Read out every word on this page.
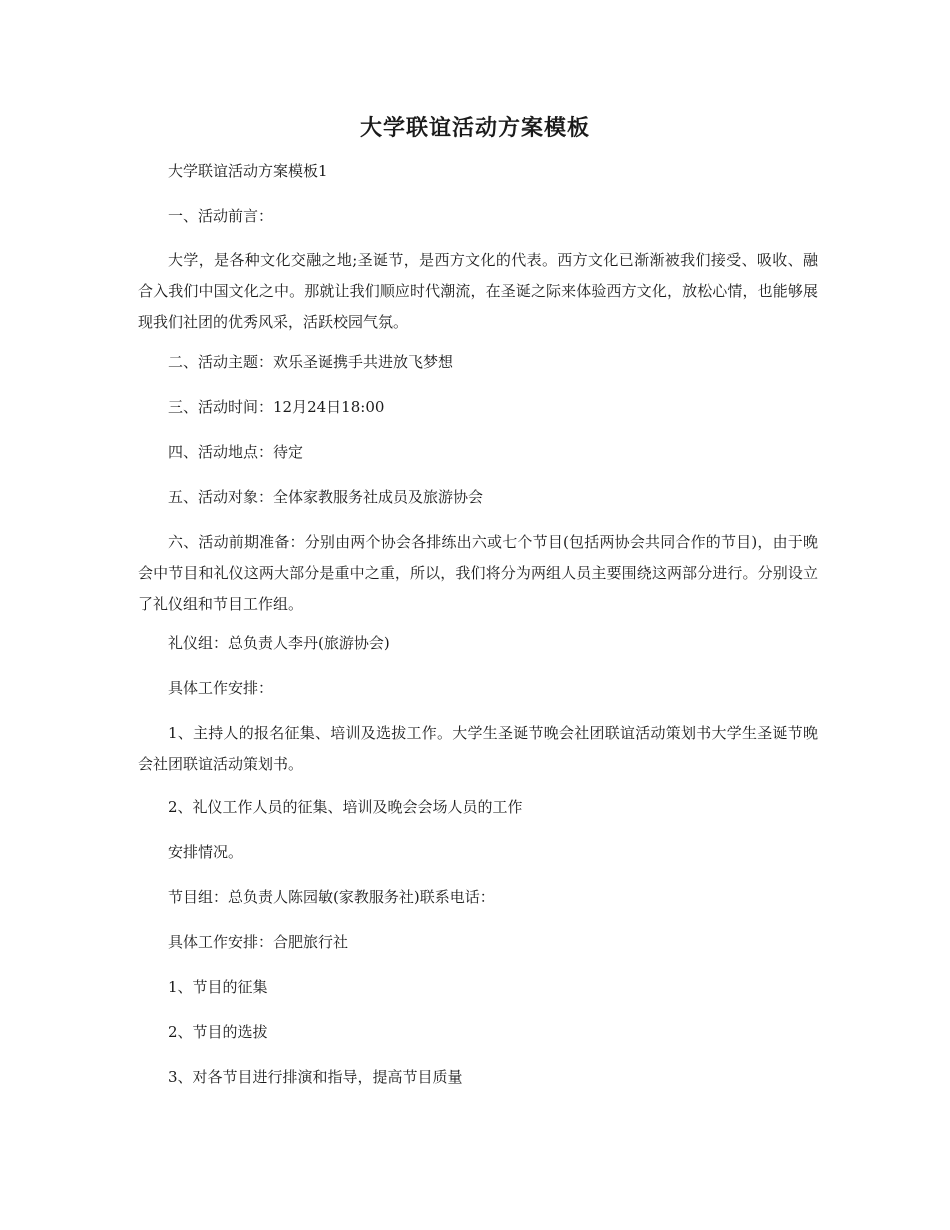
大学联谊活动方案模板

大学联谊活动方案模板1

一、活动前言：

大学，是各种文化交融之地;圣诞节，是西方文化的代表。西方文化已渐渐被我们接受、吸收、融合入我们中国文化之中。那就让我们顺应时代潮流，在圣诞之际来体验西方文化，放松心情，也能够展现我们社团的优秀风采，活跃校园气氛。

二、活动主题：欢乐圣诞携手共进放飞梦想

三、活动时间：12月24日18:00

四、活动地点：待定

五、活动对象：全体家教服务社成员及旅游协会

六、活动前期准备：分别由两个协会各排练出六或七个节目(包括两协会共同合作的节目)，由于晚会中节目和礼仪这两大部分是重中之重，所以，我们将分为两组人员主要围绕这两部分进行。分别设立了礼仪组和节目工作组。

礼仪组：总负责人李丹(旅游协会)

具体工作安排：

1、主持人的报名征集、培训及选拔工作。大学生圣诞节晚会社团联谊活动策划书大学生圣诞节晚会社团联谊活动策划书。

2、礼仪工作人员的征集、培训及晚会会场人员的工作

安排情况。

节目组：总负责人陈园敏(家教服务社)联系电话：

具体工作安排：合肥旅行社

1、节目的征集

2、节目的选拔

3、对各节目进行排演和指导，提高节目质量
